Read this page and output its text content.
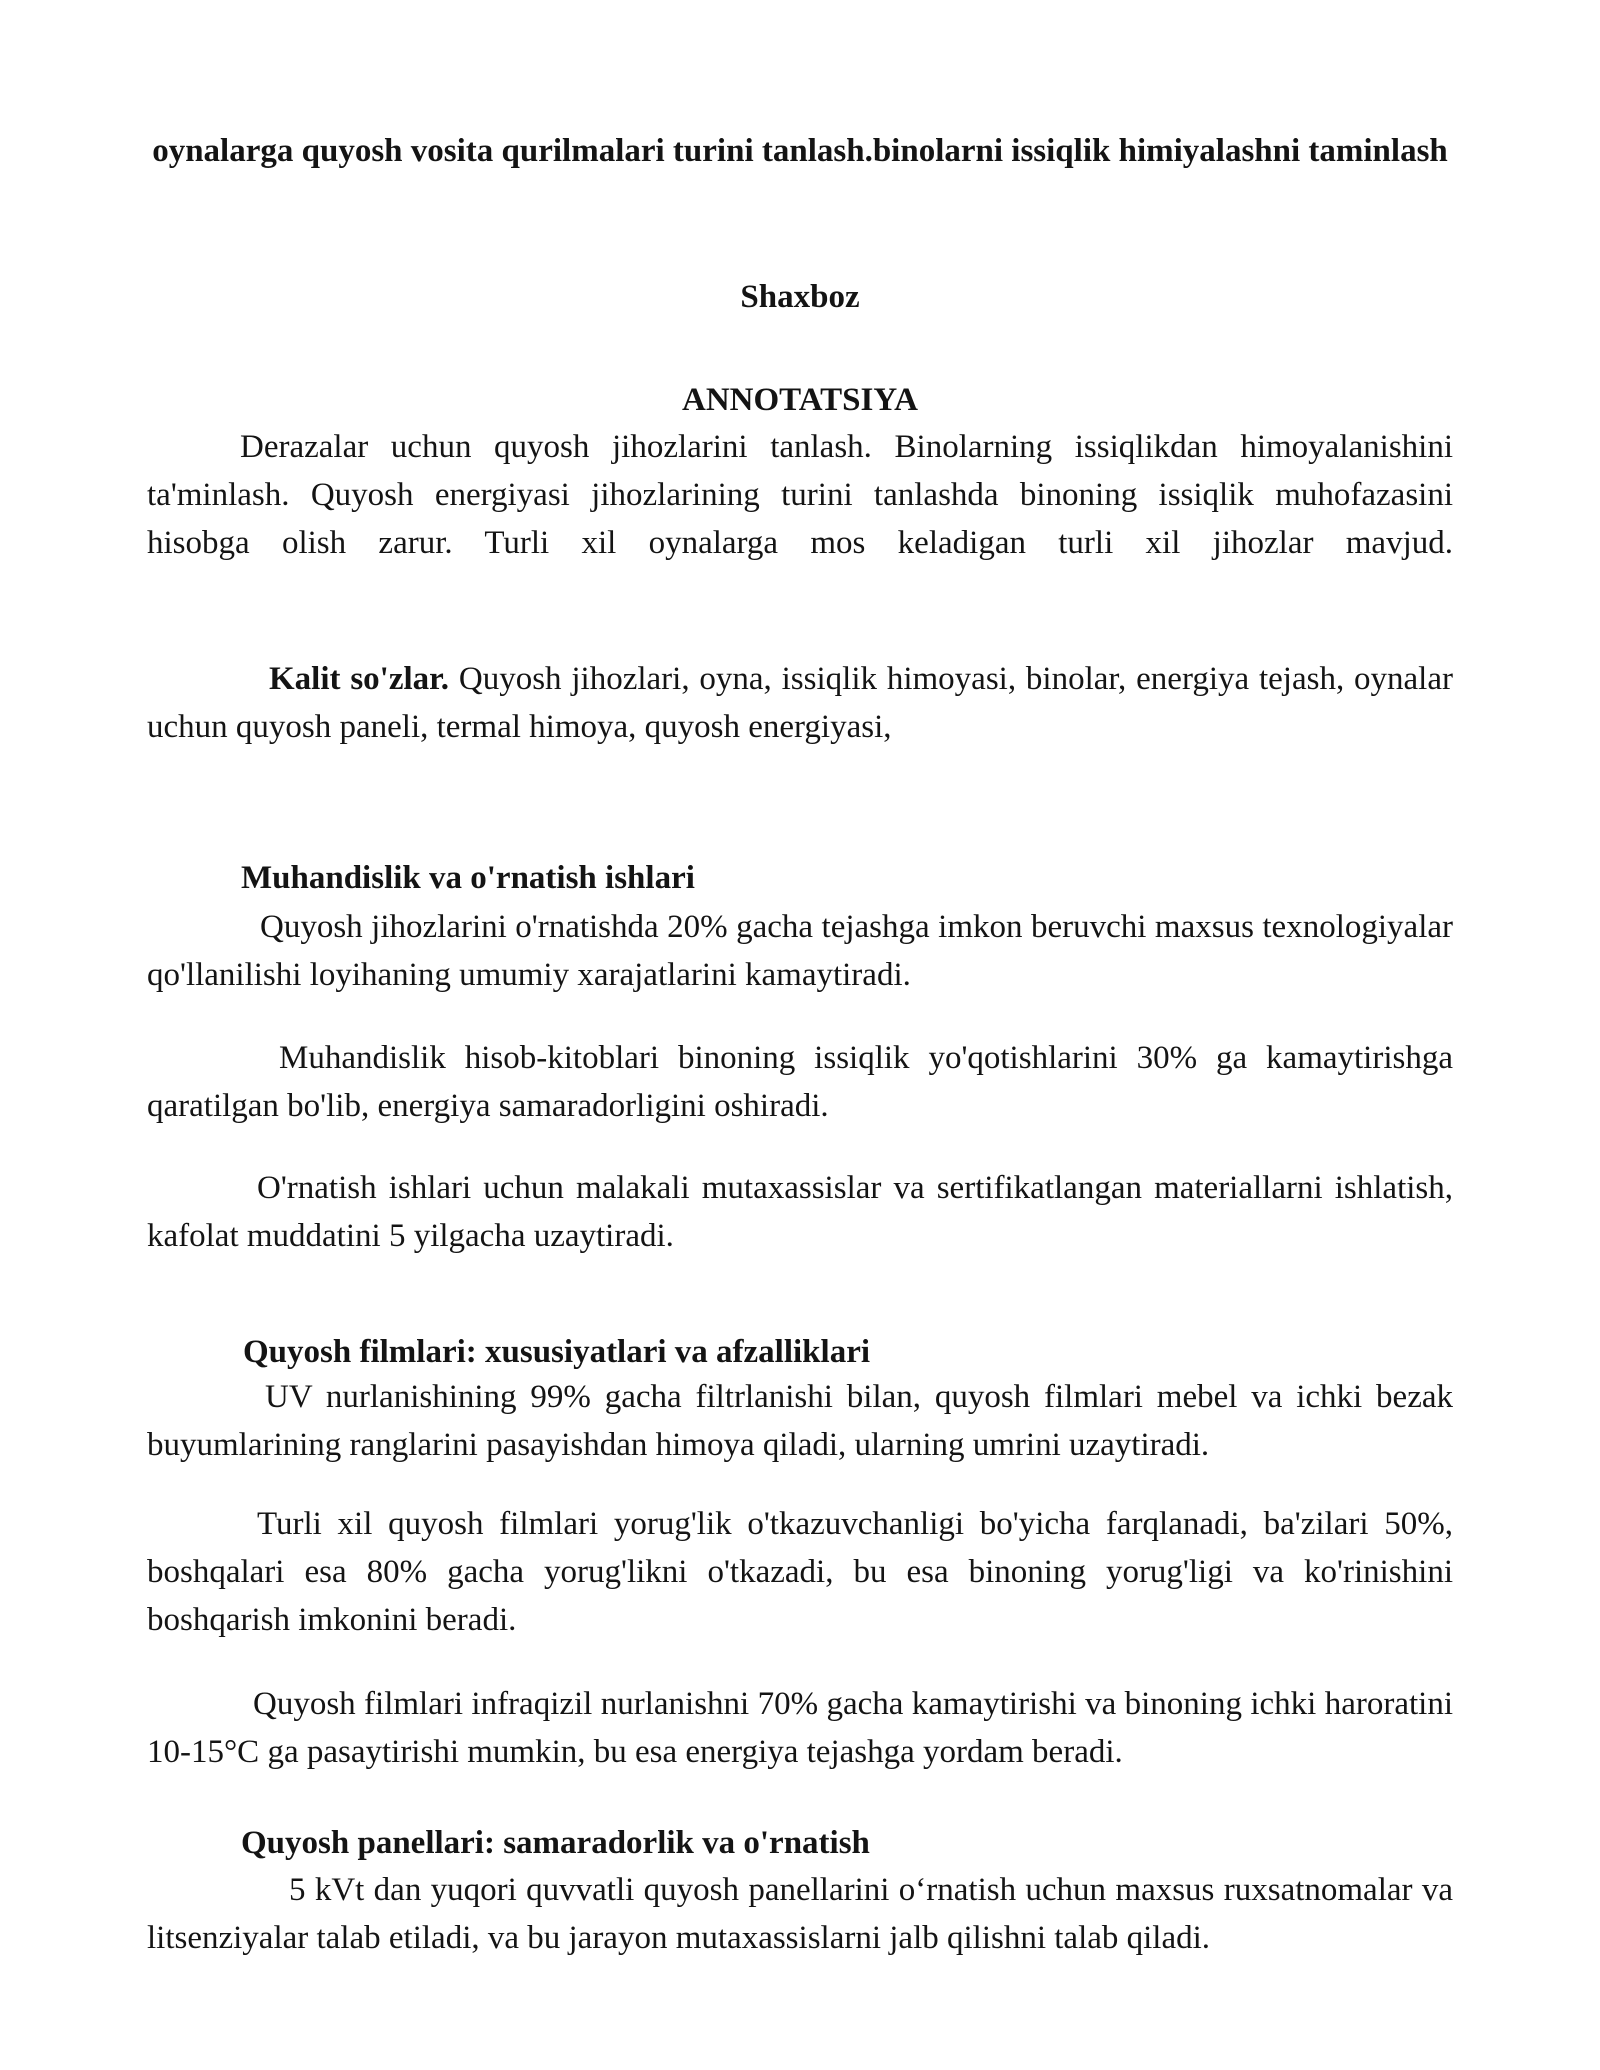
oynalarga quyosh vosita qurilmalari turini tanlash.binolarni issiqlik himiyalashni taminlash
Shaxboz
ANNOTATSIYA

Derazalar uchun quyosh jihozlarini tanlash. Binolarning issiqlikdan himoyalanishini ta'minlash. Quyosh energiyasi jihozlarining turini tanlashda binoning issiqlik muhofazasini hisobga olish zarur. Turli xil oynalarga mos keladigan turli xil jihozlar mavjud.

Kalit so'zlar. Quyosh jihozlari, oyna, issiqlik himoyasi, binolar, energiya tejash, oynalar uchun quyosh paneli, termal himoya, quyosh energiyasi,

Muhandislik va o'rnatish ishlari

Quyosh jihozlarini o'rnatishda 20% gacha tejashga imkon beruvchi maxsus texnologiyalar qo'llanilishi loyihaning umumiy xarajatlarini kamaytiradi.

Muhandislik hisob-kitoblari binoning issiqlik yo'qotishlarini 30% ga kamaytirishga qaratilgan bo'lib, energiya samaradorligini oshiradi.

O'rnatish ishlari uchun malakali mutaxassislar va sertifikatlangan materiallarni ishlatish, kafolat muddatini 5 yilgacha uzaytiradi.

Quyosh filmlari: xususiyatlari va afzalliklari

UV nurlanishining 99% gacha filtrlanishi bilan, quyosh filmlari mebel va ichki bezak buyumlarining ranglarini pasayishdan himoya qiladi, ularning umrini uzaytiradi.

Turli xil quyosh filmlari yorug'lik o'tkazuvchanligi bo'yicha farqlanadi, ba'zilari 50%, boshqalari esa 80% gacha yorug'likni o'tkazadi, bu esa binoning yorug'ligi va ko'rinishini boshqarish imkonini beradi.

Quyosh filmlari infraqizil nurlanishni 70% gacha kamaytirishi va binoning ichki haroratini 10-15°C ga pasaytirishi mumkin, bu esa energiya tejashga yordam beradi.

Quyosh panellari: samaradorlik va o'rnatish

5 kVt dan yuqori quvvatli quyosh panellarini o‘rnatish uchun maxsus ruxsatnomalar va litsenziyalar talab etiladi, va bu jarayon mutaxassislarni jalb qilishni talab qiladi.
